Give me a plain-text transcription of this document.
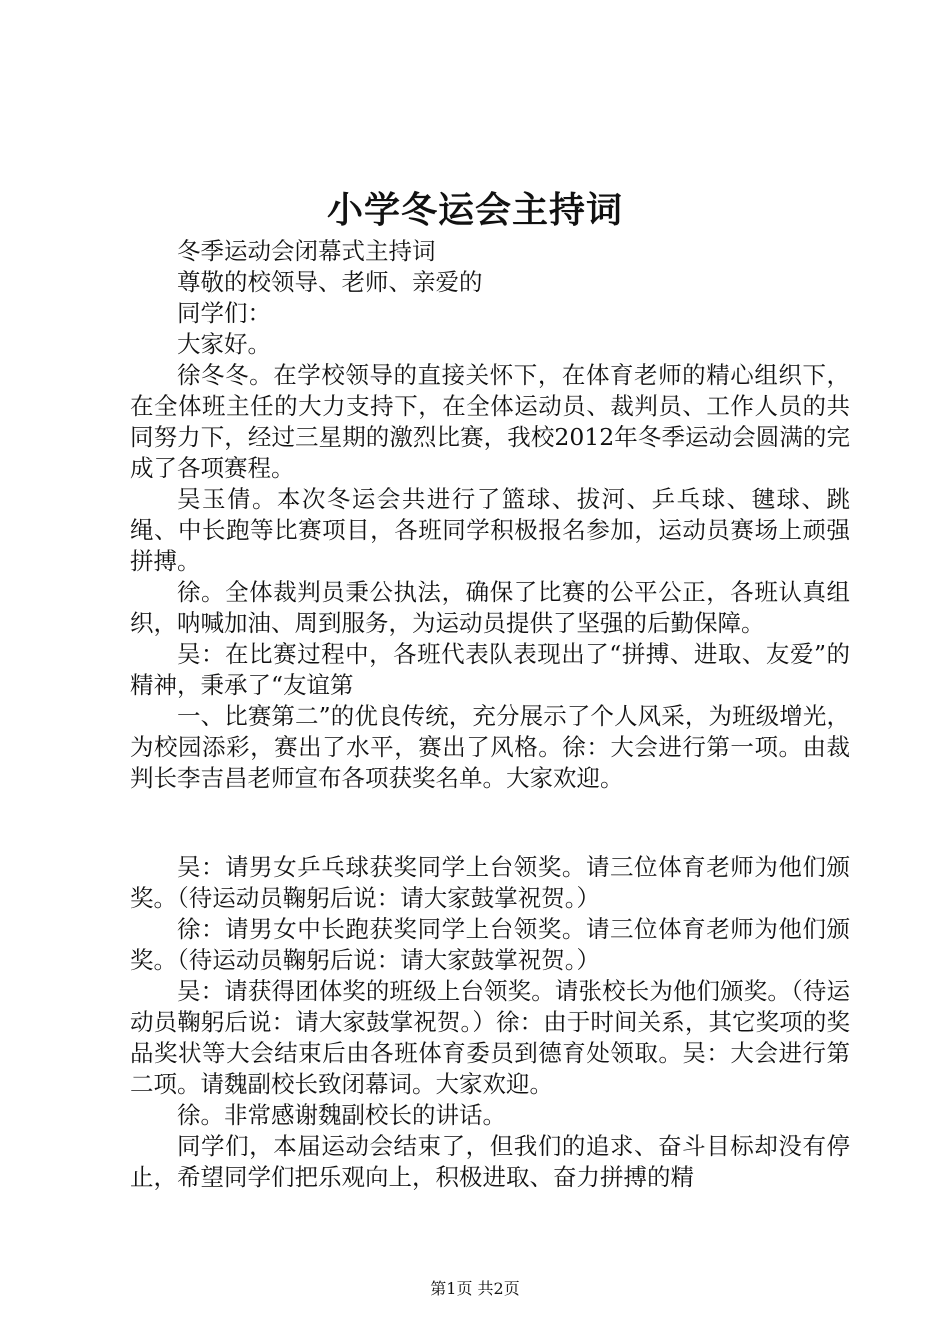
小学冬运会主持词

冬季运动会闭幕式主持词

尊敬的校领导、老师、亲爱的

同学们：

大家好。

徐冬冬。在学校领导的直接关怀下，在体育老师的精心组织下，在全体班主任的大力支持下，在全体运动员、裁判员、工作人员的共同努力下，经过三星期的激烈比赛，我校2012年冬季运动会圆满的完成了各项赛程。

吴玉倩。本次冬运会共进行了篮球、拔河、乒乓球、毽球、跳绳、中长跑等比赛项目，各班同学积极报名参加，运动员赛场上顽强拼搏。

徐。全体裁判员秉公执法，确保了比赛的公平公正，各班认真组织，呐喊加油、周到服务，为运动员提供了坚强的后勤保障。

吴：在比赛过程中，各班代表队表现出了“拼搏、进取、友爱”的精神，秉承了“友谊第

一、比赛第二”的优良传统，充分展示了个人风采，为班级增光，为校园添彩，赛出了水平，赛出了风格。徐：大会进行第一项。由裁判长李吉昌老师宣布各项获奖名单。大家欢迎。

吴：请男女乒乓球获奖同学上台领奖。请三位体育老师为他们颁奖。（待运动员鞠躬后说：请大家鼓掌祝贺。）

徐：请男女中长跑获奖同学上台领奖。请三位体育老师为他们颁奖。（待运动员鞠躬后说：请大家鼓掌祝贺。）

吴：请获得团体奖的班级上台领奖。请张校长为他们颁奖。（待运动员鞠躬后说：请大家鼓掌祝贺。）徐：由于时间关系，其它奖项的奖品奖状等大会结束后由各班体育委员到德育处领取。吴：大会进行第二项。请魏副校长致闭幕词。大家欢迎。

徐。非常感谢魏副校长的讲话。

同学们，本届运动会结束了，但我们的追求、奋斗目标却没有停止，希望同学们把乐观向上，积极进取、奋力拼搏的精

第1页 共2页
